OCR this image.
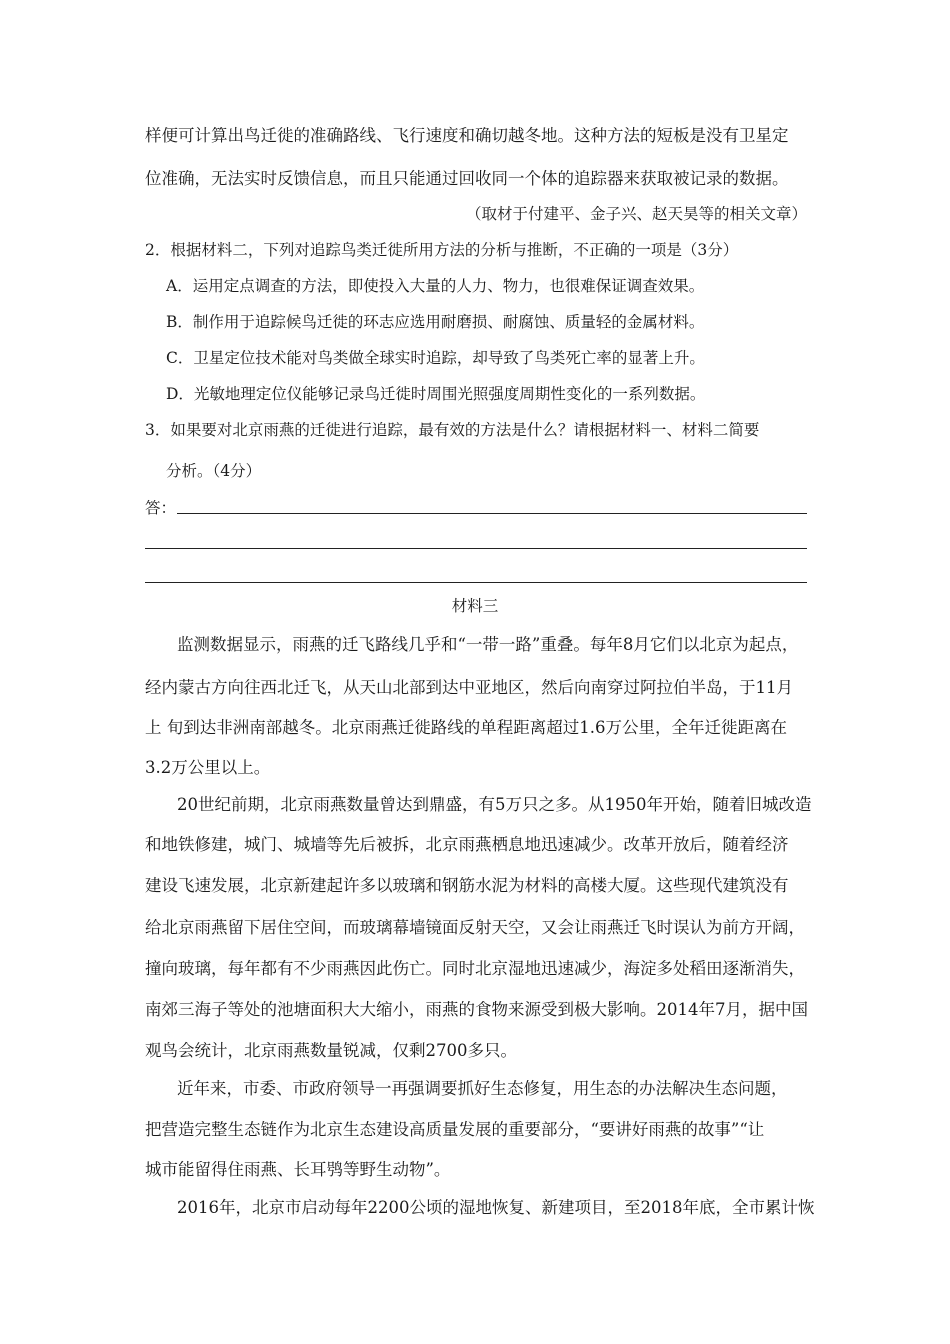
样便可计算出鸟迁徙的准确路线、飞行速度和确切越冬地。这种方法的短板是没有卫星定
位准确，无法实时反馈信息，而且只能通过回收同一个体的追踪器来获取被记录的数据。
（取材于付建平、金子兴、赵天昊等的相关文章）
2．根据材料二，下列对追踪鸟类迁徙所用方法的分析与推断，不正确的一项是（3分）
A．运用定点调查的方法，即使投入大量的人力、物力，也很难保证调查效果。
B．制作用于追踪候鸟迁徙的环志应选用耐磨损、耐腐蚀、质量轻的金属材料。
C．卫星定位技术能对鸟类做全球实时追踪，却导致了鸟类死亡率的显著上升。
D．光敏地理定位仪能够记录鸟迁徙时周围光照强度周期性变化的一系列数据。
3．如果要对北京雨燕的迁徙进行追踪，最有效的方法是什么？请根据材料一、材料二简要
分析。（4分）
答：
材料三
监测数据显示，雨燕的迁飞路线几乎和“一带一路”重叠。每年8月它们以北京为起点，
经内蒙古方向往西北迁飞，从天山北部到达中亚地区，然后向南穿过阿拉伯半岛，于11月
上 旬到达非洲南部越冬。北京雨燕迁徙路线的单程距离超过1.6万公里，全年迁徙距离在
3.2万公里以上。
20世纪前期，北京雨燕数量曾达到鼎盛，有5万只之多。从1950年开始，随着旧城改造
和地铁修建，城门、城墙等先后被拆，北京雨燕栖息地迅速减少。改革开放后，随着经济
建设飞速发展，北京新建起许多以玻璃和钢筋水泥为材料的高楼大厦。这些现代建筑没有
给北京雨燕留下居住空间，而玻璃幕墙镜面反射天空，又会让雨燕迁飞时误认为前方开阔，
撞向玻璃，每年都有不少雨燕因此伤亡。同时北京湿地迅速减少，海淀多处稻田逐渐消失，
南郊三海子等处的池塘面积大大缩小，雨燕的食物来源受到极大影响。2014年7月，据中国
观鸟会统计，北京雨燕数量锐减，仅剩2700多只。
近年来，市委、市政府领导一再强调要抓好生态修复，用生态的办法解决生态问题，
把营造完整生态链作为北京生态建设高质量发展的重要部分，“要讲好雨燕的故事”“让
城市能留得住雨燕、长耳鸮等野生动物”。
2016年，北京市启动每年2200公顷的湿地恢复、新建项目，至2018年底，全市累计恢
